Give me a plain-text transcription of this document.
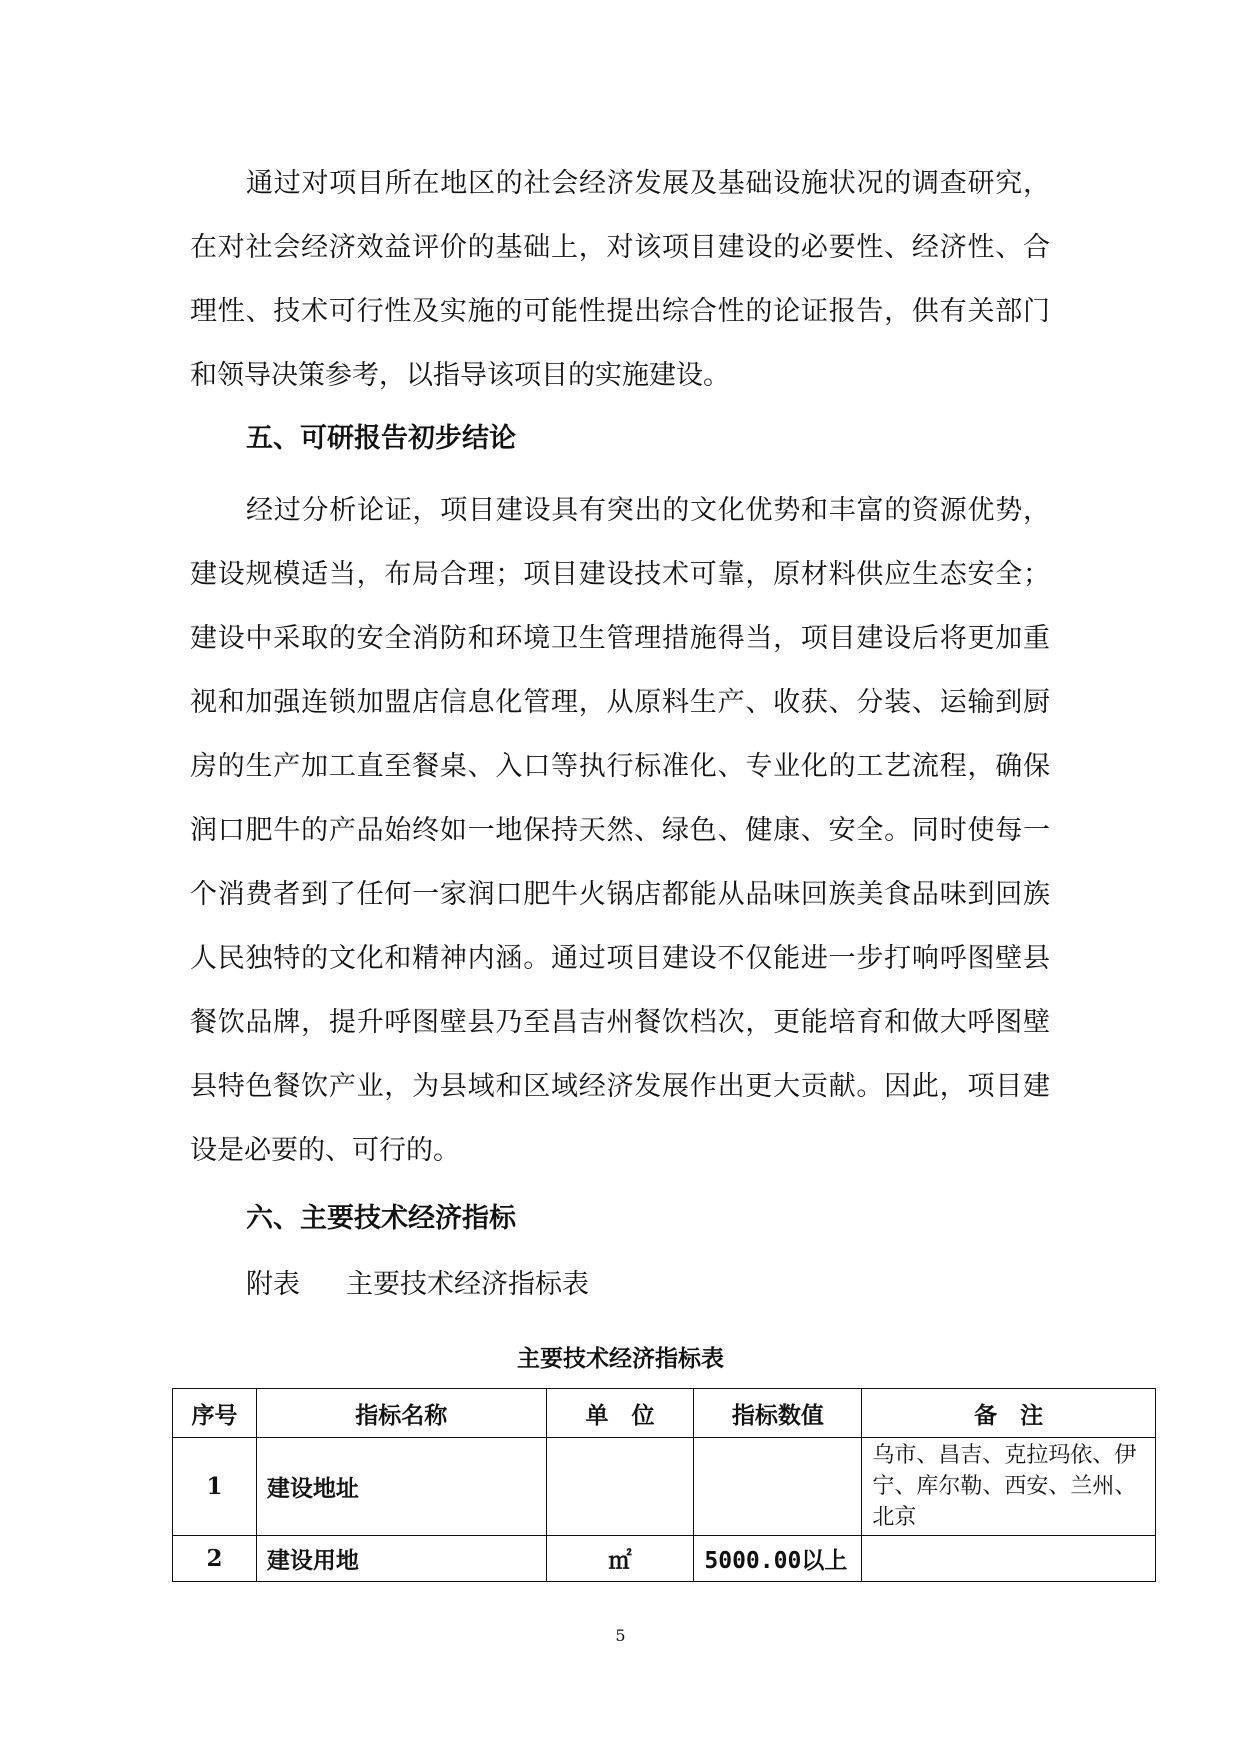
通过对项目所在地区的社会经济发展及基础设施状况的调查研究，在对社会经济效益评价的基础上，对该项目建设的必要性、经济性、合理性、技术可行性及实施的可能性提出综合性的论证报告，供有关部门和领导决策参考，以指导该项目的实施建设。

五、可研报告初步结论

经过分析论证，项目建设具有突出的文化优势和丰富的资源优势，建设规模适当，布局合理；项目建设技术可靠，原材料供应生态安全；建设中采取的安全消防和环境卫生管理措施得当，项目建设后将更加重视和加强连锁加盟店信息化管理，从原料生产、收获、分装、运输到厨房的生产加工直至餐桌、入口等执行标准化、专业化的工艺流程，确保润口肥牛的产品始终如一地保持天然、绿色、健康、安全。同时使每一个消费者到了任何一家润口肥牛火锅店都能从品味回族美食品味到回族人民独特的文化和精神内涵。通过项目建设不仅能进一步打响呼图壁县餐饮品牌，提升呼图壁县乃至昌吉州餐饮档次，更能培育和做大呼图壁县特色餐饮产业，为县域和区域经济发展作出更大贡献。因此，项目建设是必要的、可行的。

六、主要技术经济指标
附表 主要技术经济指标表
主要技术经济指标表
序号	指标名称	单　位	指标数值	备　注
1	建设地址			乌市、昌吉、克拉玛依、伊宁、库尔勒、西安、兰州、北京
2	建设用地	㎡	5000.00以上	
5
